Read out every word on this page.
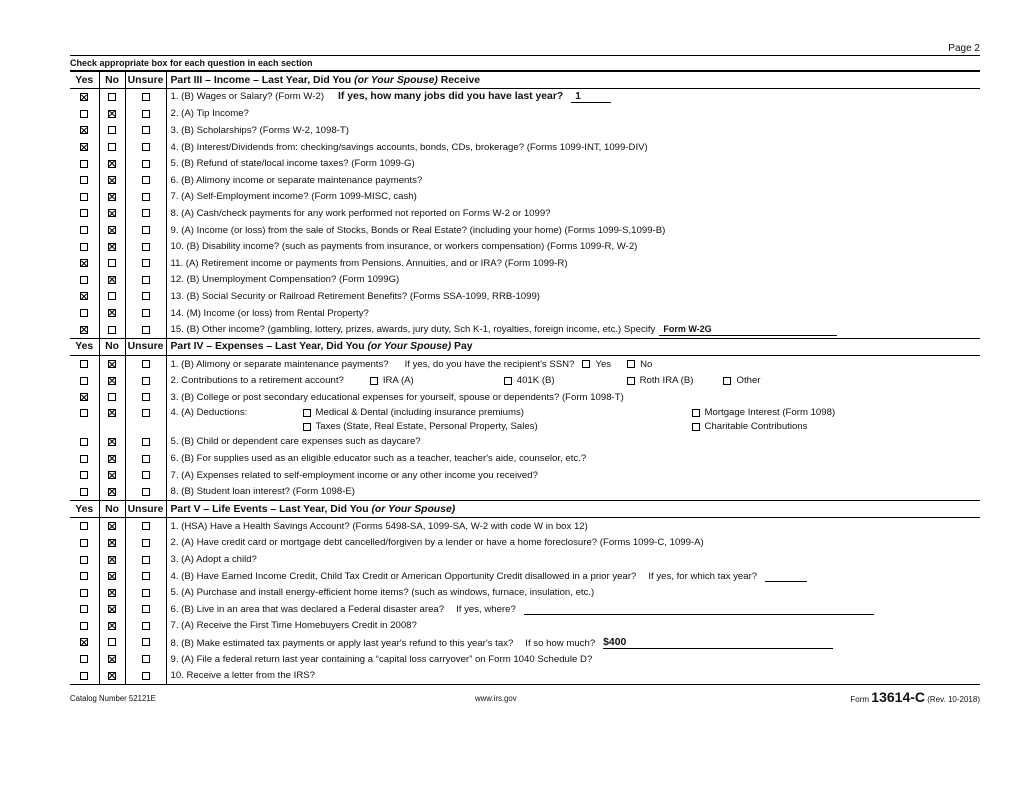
Page 2
Check appropriate box for each question in each section
Yes	No	Unsure	Part III – Income – Last Year, Did You (or Your Spouse) Receive
			1. (B) Wages or Salary? (Form W-2) If yes, how many jobs did you have last year? 1
			2. (A) Tip Income?
			3. (B) Scholarships? (Forms W-2, 1098-T)
			4. (B) Interest/Dividends from: checking/savings accounts, bonds, CDs, brokerage? (Forms 1099-INT, 1099-DIV)
			5. (B) Refund of state/local income taxes? (Form 1099-G)
			6. (B) Alimony income or separate maintenance payments?
			7. (A) Self-Employment income? (Form 1099-MISC, cash)
			8. (A) Cash/check payments for any work performed not reported on Forms W-2 or 1099?
			9. (A) Income (or loss) from the sale of Stocks, Bonds or Real Estate? (including your home) (Forms 1099-S,1099-B)
			10. (B) Disability income? (such as payments from insurance, or workers compensation) (Forms 1099-R, W-2)
			11. (A) Retirement income or payments from Pensions. Annuities, and or IRA? (Form 1099-R)
			12. (B) Unemployment Compensation? (Form 1099G)
			13. (B) Social Security or Railroad Retirement Benefits? (Forms SSA-1099, RRB-1099)
			14. (M) Income (or loss) from Rental Property?
			15. (B) Other income? (gambling, lottery, prizes, awards, jury duty, Sch K-1, royalties, foreign income, etc.) Specify Form W-2G
Yes	No	Unsure	Part IV – Expenses – Last Year, Did You (or Your Spouse) Pay
			1. (B) Alimony or separate maintenance payments? If yes, do you have the recipient's SSN? Yes No
			2. Contributions to a retirement account? IRA (A) 401K (B) Roth IRA (B) Other
			3. (B) College or post secondary educational expenses for yourself, spouse or dependents? (Form 1098-T)
			4. (A) Deductions: Medical & Dental (including insurance premiums) Mortgage Interest (Form 1098)
			Taxes (State, Real Estate, Personal Property, Sales) Charitable Contributions
			5. (B) Child or dependent care expenses such as daycare?
			6. (B) For supplies used as an eligible educator such as a teacher, teacher's aide, counselor, etc.?
			7. (A) Expenses related to self-employment income or any other income you received?
			8. (B) Student loan interest? (Form 1098-E)
Yes	No	Unsure	Part V – Life Events – Last Year, Did You (or Your Spouse)
			1. (HSA) Have a Health Savings Account? (Forms 5498-SA, 1099-SA, W-2 with code W in box 12)
			2. (A) Have credit card or mortgage debt cancelled/forgiven by a lender or have a home foreclosure? (Forms 1099-C, 1099-A)
			3. (A) Adopt a child?
			4. (B) Have Earned Income Credit, Child Tax Credit or American Opportunity Credit disallowed in a prior year? If yes, for which tax year?
			5. (A) Purchase and install energy-efficient home items? (such as windows, furnace, insulation, etc.)
			6. (B) Live in an area that was declared a Federal disaster area? If yes, where?
			7. (A) Receive the First Time Homebuyers Credit in 2008?
			8. (B) Make estimated tax payments or apply last year's refund to this year's tax? If so how much? $400
			9. (A) File a federal return last year containing a “capital loss carryover” on Form 1040 Schedule D?
			10. Receive a letter from the IRS?
Catalog Number 52121E	www.irs.gov	Form 13614-C (Rev. 10-2018)
